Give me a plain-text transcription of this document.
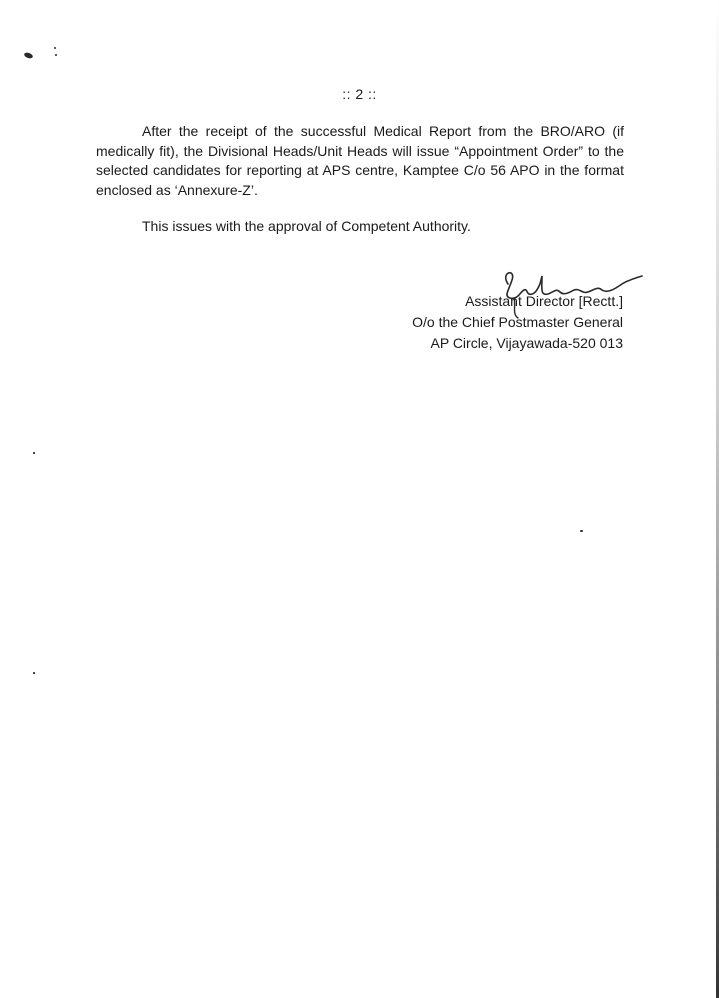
:: 2 ::

After the receipt of the successful Medical Report from the BRO/ARO (if medically fit), the Divisional Heads/Unit Heads will issue “Appointment Order” to the selected candidates for reporting at APS centre, Kamptee C/o 56 APO in the format enclosed as ‘Annexure-Z’.

This issues with the approval of Competent Authority.

Assistant Director [Rectt.]
O/o the Chief Postmaster General
AP Circle, Vijayawada-520 013
